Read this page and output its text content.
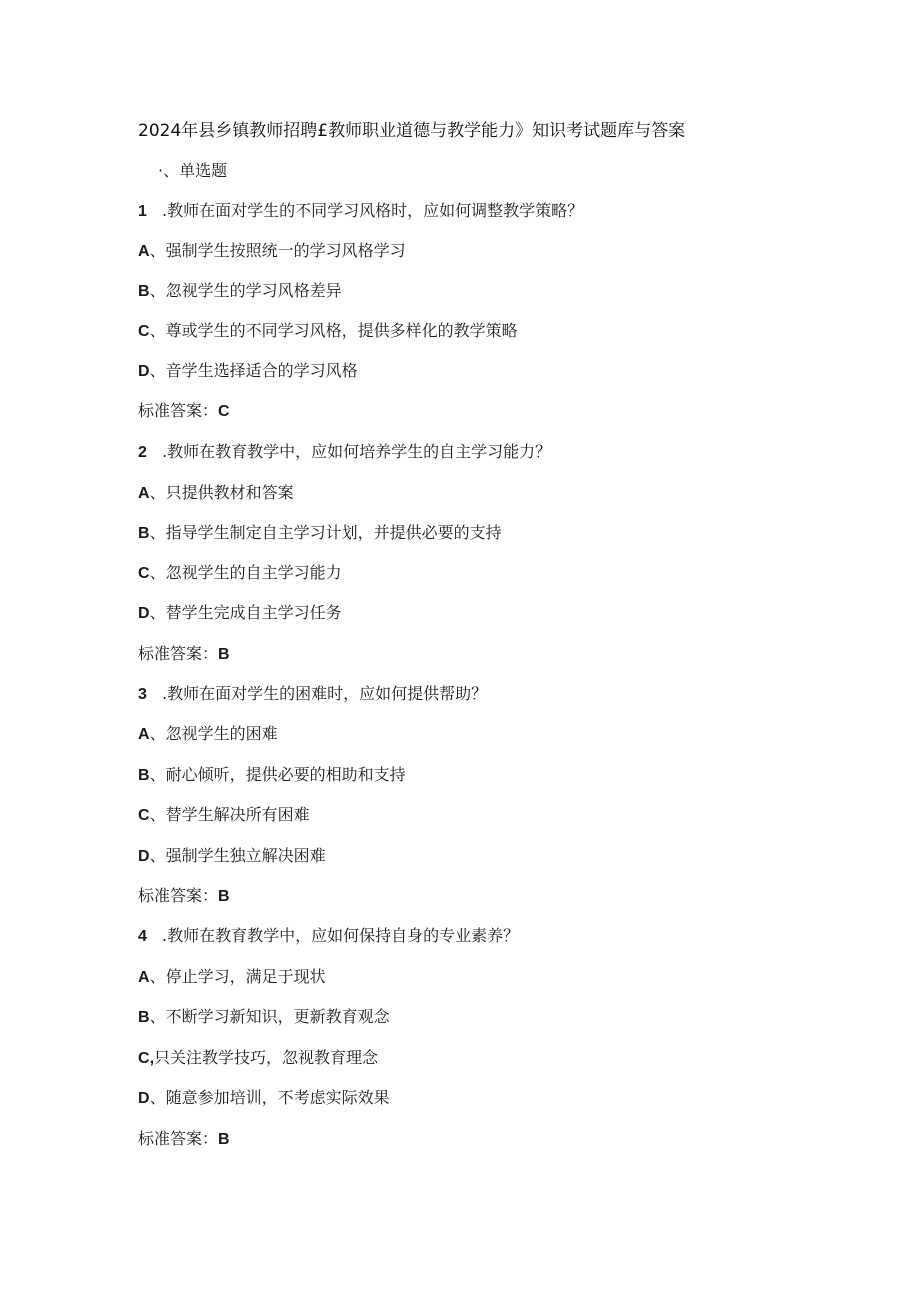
2024年县乡镇教师招聘£教师职业道德与教学能力》知识考试题库与答案
·、单选题
1 .教师在面对学生的不同学习风格时，应如何调整教学策略？
A、强制学生按照统一的学习风格学习
B、忽视学生的学习风格差异
C、尊或学生的不同学习风格，提供多样化的教学策略
D、音学生选择适合的学习风格
标准答案：C
2 .教师在教育教学中，应如何培养学生的自主学习能力？
A、只提供教材和答案
B、指导学生制定自主学习计划，并提供必要的支持
C、忽视学生的自主学习能力
D、替学生完成自主学习任务
标准答案：B
3 .教师在面对学生的困难时，应如何提供帮助？
A、忽视学生的困难
B、耐心倾听，提供必要的相助和支持
C、替学生解决所有困难
D、强制学生独立解决困难
标准答案：B
4 .教师在教育教学中，应如何保持自身的专业素养？
A、停止学习，满足于现状
B、不断学习新知识，更新教育观念
C,只关注教学技巧，忽视教育理念
D、随意参加培训，不考虑实际效果
标准答案：B
